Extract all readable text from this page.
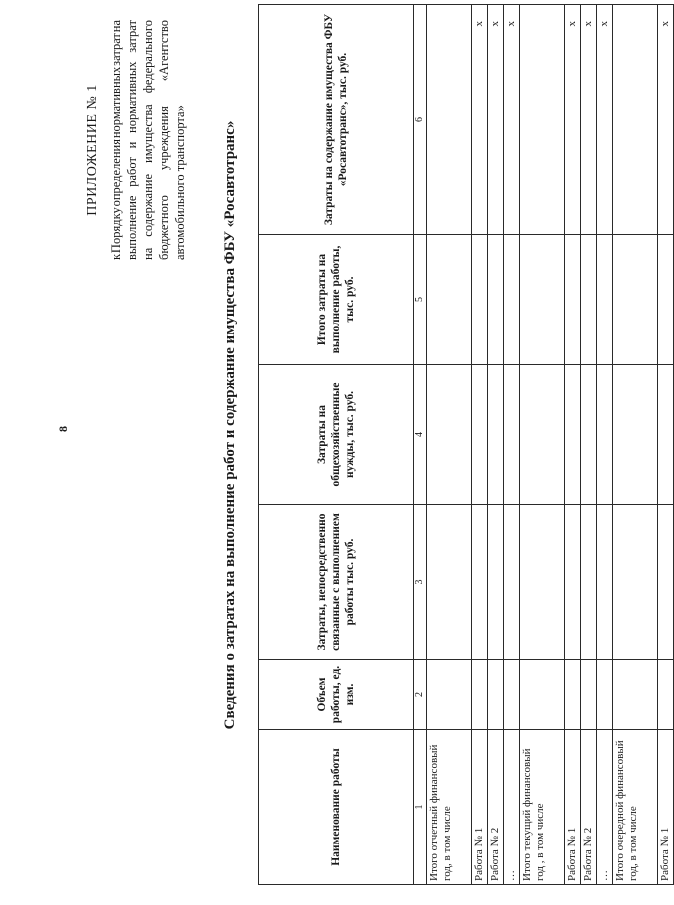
8
ПРИЛОЖЕНИЕ № 1
к
Порядку
определения
нормативных
затрат
на
выполнение
работ
и
нормативных
затрат
на
содержание
имущества
федерального
бюджетного
учреждения
«Агентство
автомобильного транспорта» Сведения о затратах на выполнение работ и содержание имущества ФБУ «Росавтотранс»
Наименование работы	Объем работы, ед. изм.	Затраты, непосредственно связанные с выполнением работы тыс. руб.	Затраты на общехозяйственные нужды, тыс. руб.	Итого затраты на выполнение работы, тыс. руб.	Затраты на содержание имущества ФБУ «Росавтотранс», тыс. руб.
1	2	3	4	5	6
Итого отчетный финансовый год, в том числе					
Работа № 1					х
Работа № 2					х
…					х
Итого текущий финансовый год , в том числе					
Работа № 1					х
Работа № 2					х
…					х
Итого очередной финансовый год, в том числе					
Работа № 1					х
